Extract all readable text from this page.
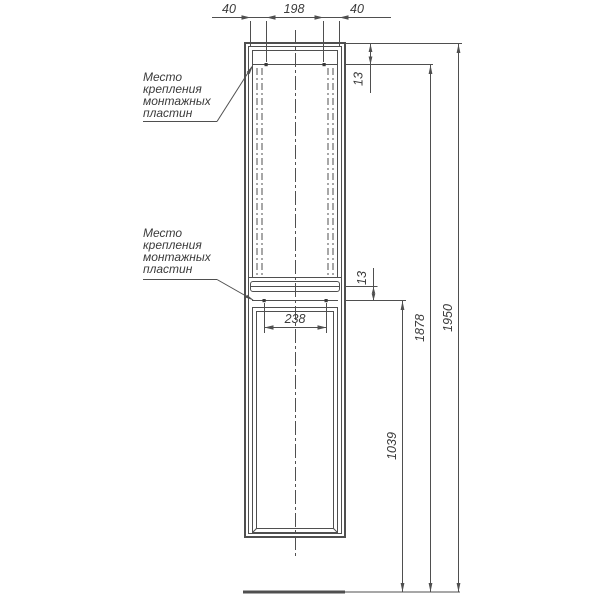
40	198	40
13
13
238
1039
1878 1950
Место
крепления
монтажных
пластин
Место
крепления
монтажных
пластин
